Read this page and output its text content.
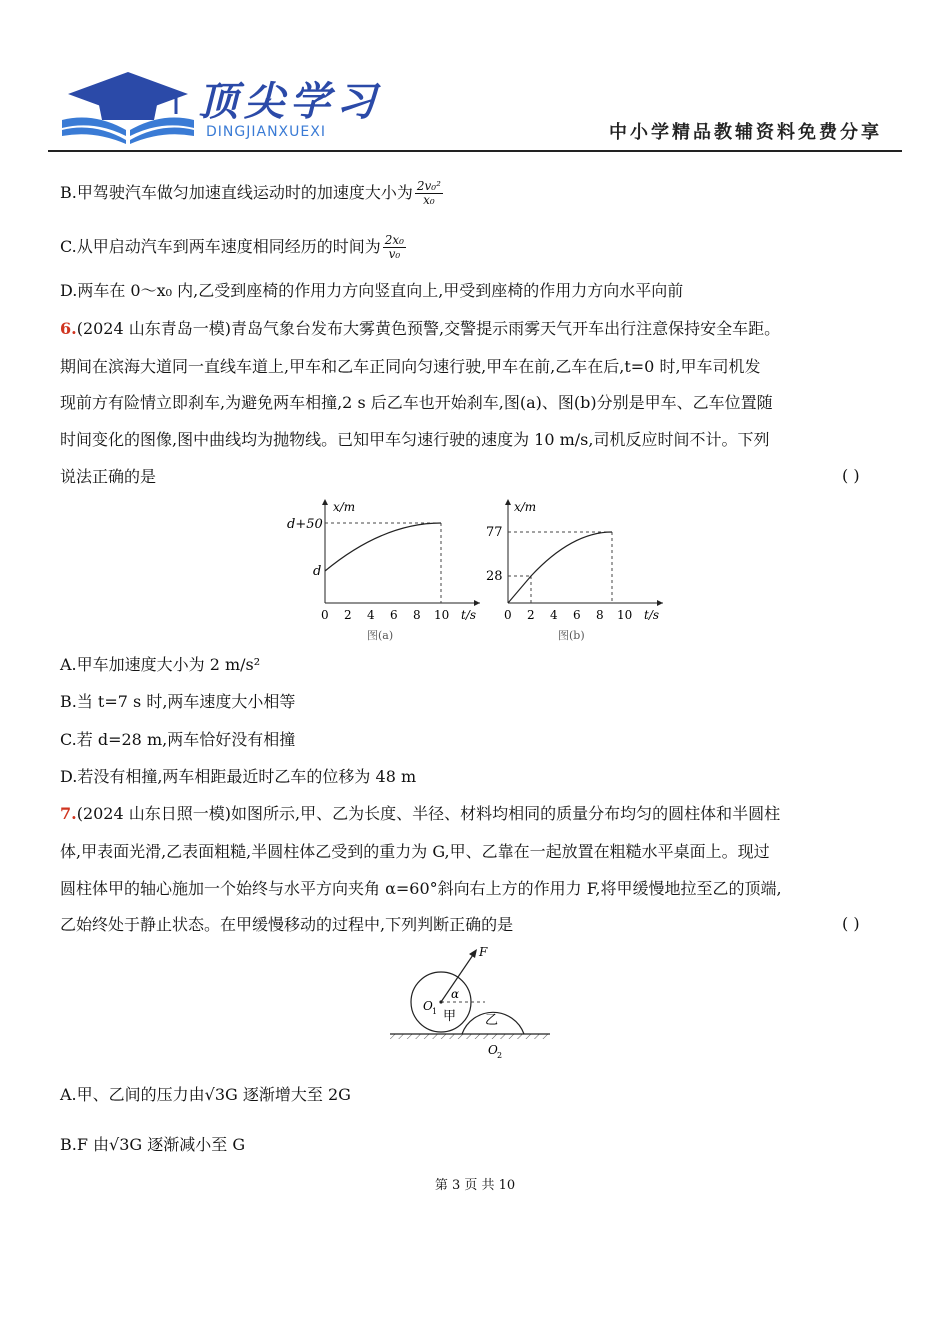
顶尖学习
DINGJIANXUEXI	中小学精品教辅资料免费分享
B.甲驾驶汽车做匀加速直线运动时的加速度大小为 $\frac{\text{2v₀²}}{\text{x₀}}$
C.从甲启动汽车到两车速度相同经历的时间为 $\frac{\text{2x₀}}{\text{v₀}}$
D.两车在 0～x₀ 内,乙受到座椅的作用力方向竖直向上,甲受到座椅的作用力方向水平向前
6.(2024 山东青岛一模)青岛气象台发布大雾黄色预警,交警提示雨雾天气开车出行注意保持安全车距。
期间在滨海大道同一直线车道上,甲车和乙车正同向匀速行驶,甲车在前,乙车在后,t=0 时,甲车司机发
现前方有险情立即刹车,为避免两车相撞,2 s 后乙车也开始刹车,图(a)、图(b)分别是甲车、乙车位置随
时间变化的图像,图中曲线均为抛物线。已知甲车匀速行驶的速度为 10 m/s,司机反应时间不计。下列
说法正确的是	( )
x/m
d+50
d
0 2 4 6 8 10 t/s
图(a)
x/m
77
28
0 2 4 6 8 10 t/s
图(b)
A.甲车加速度大小为 2 m/s²
B.当 t=7 s 时,两车速度大小相等
C.若 d=28 m,两车恰好没有相撞
D.若没有相撞,两车相距最近时乙车的位移为 48 m
7.(2024 山东日照一模)如图所示,甲、乙为长度、半径、材料均相同的质量分布均匀的圆柱体和半圆柱
体,甲表面光滑,乙表面粗糙,半圆柱体乙受到的重力为 G,甲、乙靠在一起放置在粗糙水平桌面上。现过
圆柱体甲的轴心施加一个始终与水平方向夹角 α=60°斜向右上方的作用力 F,将甲缓慢地拉至乙的顶端,
乙始终处于静止状态。在甲缓慢移动的过程中,下列判断正确的是	( )
F
α
O 1 甲 乙
O 2
A.甲、乙间的压力由√3G 逐渐增大至 2G
B.F 由√3G 逐渐减小至 G
第 3 页 共 10
